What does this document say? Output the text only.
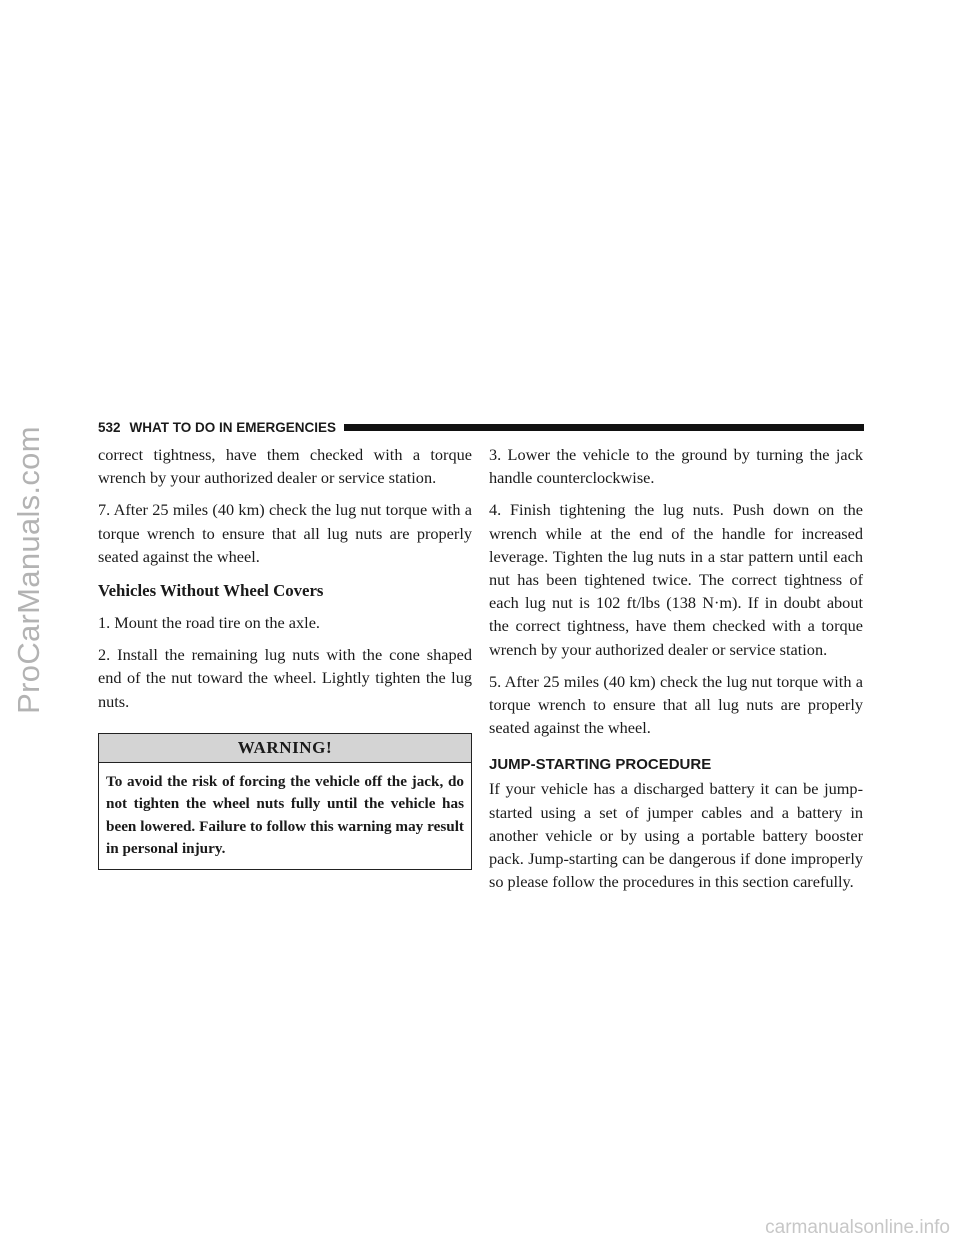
ProCarManuals.com	532 WHAT TO DO IN EMERGENCIES

correct tightness, have them checked with a torque wrench by your authorized dealer or service station.

7. After 25 miles (40 km) check the lug nut torque with a torque wrench to ensure that all lug nuts are properly seated against the wheel.

Vehicles Without Wheel Covers

1. Mount the road tire on the axle.

2. Install the remaining lug nuts with the cone shaped end of the nut toward the wheel. Lightly tighten the lug nuts.

WARNING!
To avoid the risk of forcing the vehicle off the jack, do not tighten the wheel nuts fully until the vehicle has been lowered. Failure to follow this warning may result in personal injury.

3. Lower the vehicle to the ground by turning the jack handle counterclockwise.

4. Finish tightening the lug nuts. Push down on the wrench while at the end of the handle for increased leverage. Tighten the lug nuts in a star pattern until each nut has been tightened twice. The correct tightness of each lug nut is 102 ft/lbs (138 N·m). If in doubt about the correct tightness, have them checked with a torque wrench by your authorized dealer or service station.

5. After 25 miles (40 km) check the lug nut torque with a torque wrench to ensure that all lug nuts are properly seated against the wheel.

JUMP-STARTING PROCEDURE

If your vehicle has a discharged battery it can be jump-started using a set of jumper cables and a battery in another vehicle or by using a portable battery booster pack. Jump-starting can be dangerous if done improperly so please follow the procedures in this section carefully.

carmanualsonline.info
